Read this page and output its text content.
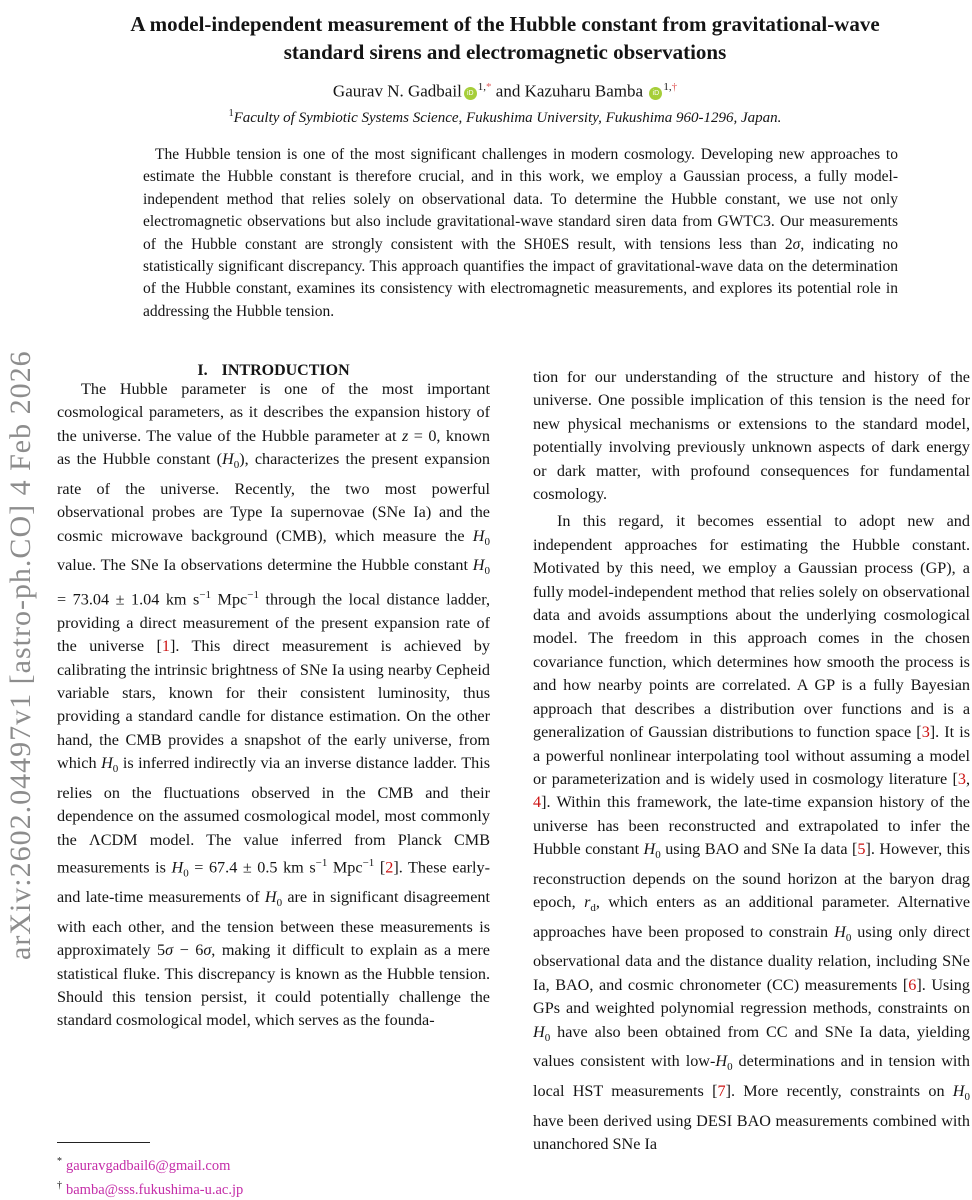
arXiv:2602.04497v1 [astro-ph.CO] 4 Feb 2026
A model-independent measurement of the Hubble constant from gravitational-wave
standard sirens and electromagnetic observations
Gaurav N. Gadbail $iD^{1,*}$ and Kazuharu Bamba $iD^{1,\dagger}$
$^1$Faculty of Symbiotic Systems Science, Fukushima University, Fukushima 960-1296, Japan.

The Hubble tension is one of the most significant challenges in modern cosmology. Developing new approaches to estimate the Hubble constant is therefore crucial, and in this work, we employ a Gaussian process, a fully model-independent method that relies solely on observational data. To determine the Hubble constant, we use not only electromagnetic observations but also include gravitational-wave standard siren data from GWTC3. Our measurements of the Hubble constant are strongly consistent with the SH0ES result, with tensions less than 2σ, indicating no statistically significant discrepancy. This approach quantifies the impact of gravitational-wave data on the determination of the Hubble constant, examines its consistency with electromagnetic measurements, and explores its potential role in addressing the Hubble tension.

I. INTRODUCTION

The Hubble parameter is one of the most important cosmological parameters, as it describes the expansion history of the universe. The value of the Hubble parameter at z = 0, known as the Hubble constant $(H_0)$, characterizes the present expansion rate of the universe. Recently, the two most powerful observational probes are Type Ia supernovae (SNe Ia) and the cosmic microwave background (CMB), which measure the $H_0$ value. The SNe Ia observations determine the Hubble constant $H_0 = 73.04 \pm 1.04$ km $s^{-1}$ Mpc$^{-1}$ through the local distance ladder, providing a direct measurement of the present expansion rate of the universe [1]. This direct measurement is achieved by calibrating the intrinsic brightness of SNe Ia using nearby Cepheid variable stars, known for their consistent luminosity, thus providing a standard candle for distance estimation. On the other hand, the CMB provides a snapshot of the early universe, from which $H_0$ is inferred indirectly via an inverse distance ladder. This relies on the fluctuations observed in the CMB and their dependence on the assumed cosmological model, most commonly the ΛCDM model. The value inferred from Planck CMB measurements is $H_0 = 67.4 \pm 0.5$ km $s^{-1}$ Mpc$^{-1}$ [2]. These early- and late-time measurements of $H_0$ are in significant disagreement with each other, and the tension between these measurements is approximately 5σ − 6σ, making it difficult to explain as a mere statistical fluke. This discrepancy is known as the Hubble tension. Should this tension persist, it could potentially challenge the standard cosmological model, which serves as the founda-

tion for our understanding of the structure and history of the universe. One possible implication of this tension is the need for new physical mechanisms or extensions to the standard model, potentially involving previously unknown aspects of dark energy or dark matter, with profound consequences for fundamental cosmology.

In this regard, it becomes essential to adopt new and independent approaches for estimating the Hubble constant. Motivated by this need, we employ a Gaussian process (GP), a fully model-independent method that relies solely on observational data and avoids assumptions about the underlying cosmological model. The freedom in this approach comes in the chosen covariance function, which determines how smooth the process is and how nearby points are correlated. A GP is a fully Bayesian approach that describes a distribution over functions and is a generalization of Gaussian distributions to function space [3]. It is a powerful nonlinear interpolating tool without assuming a model or parameterization and is widely used in cosmology literature [3, 4]. Within this framework, the late-time expansion history of the universe has been reconstructed and extrapolated to infer the Hubble constant $H_0$ using BAO and SNe Ia data [5]. However, this reconstruction depends on the sound horizon at the baryon drag epoch, $r_d$, which enters as an additional parameter. Alternative approaches have been proposed to constrain $H_0$ using only direct observational data and the distance duality relation, including SNe Ia, BAO, and cosmic chronometer (CC) measurements [6]. Using GPs and weighted polynomial regression methods, constraints on $H_0$ have also been obtained from CC and SNe Ia data, yielding values consistent with low-$H_0$ determinations and in tension with local HST measurements [7]. More recently, constraints on $H_0$ have been derived using DESI BAO measurements combined with unanchored SNe Ia

* gauravgadbail6@gmail.com
† bamba@sss.fukushima-u.ac.jp
